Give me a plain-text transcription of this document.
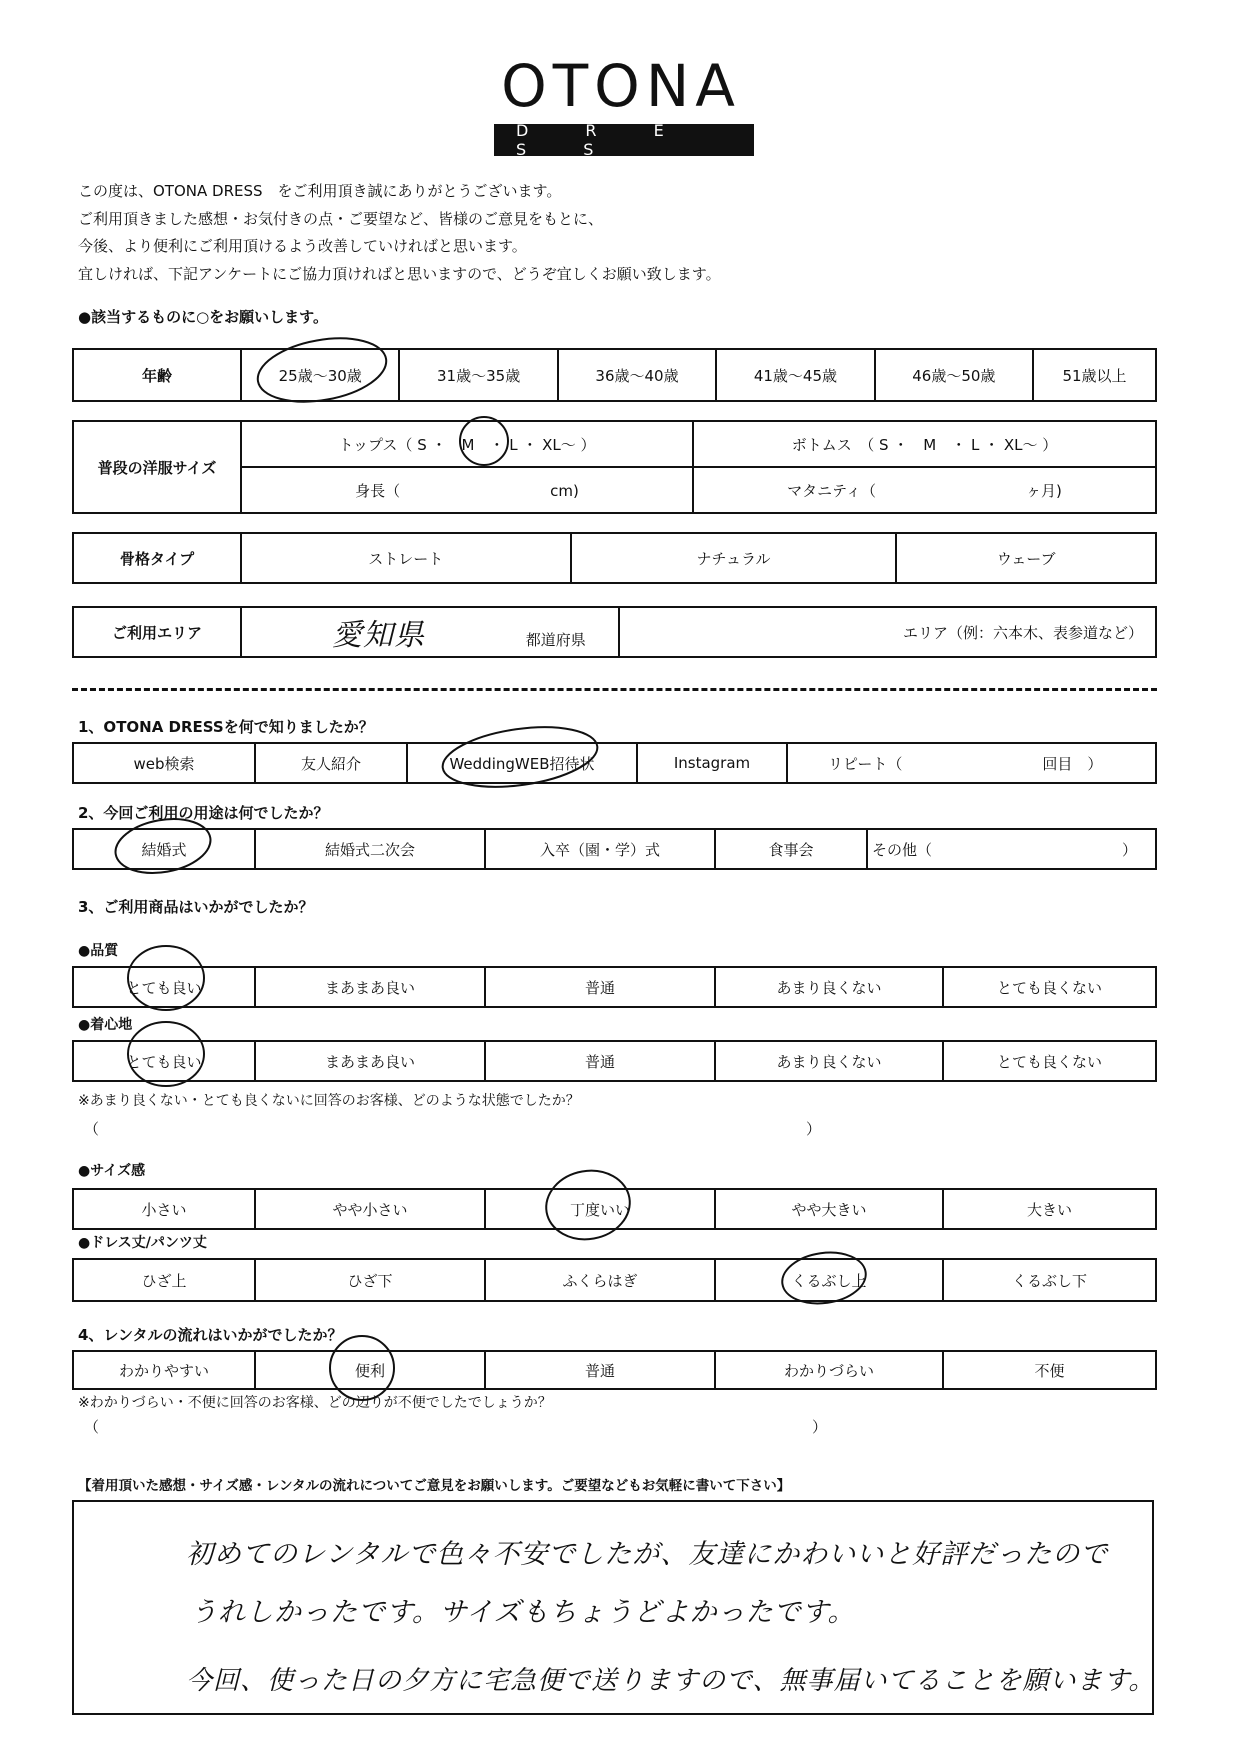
OTONA
D R E S S
この度は、OTONA DRESS　をご利用頂き誠にありがとうございます。
ご利用頂きました感想・お気付きの点・ご要望など、皆様のご意見をもとに、
今後、より便利にご利用頂けるよう改善していければと思います。
宜しければ、下記アンケートにご協力頂ければと思いますので、どうぞ宜しくお願い致します。
●該当するものに○をお願いします。
年齢	25歳〜30歳	31歳〜35歳	36歳〜40歳	41歳〜45歳	46歳〜50歳	51歳以上
普段の洋服サイズ	トップス（ S ・　M　・ L ・ XL〜 ）	ボトムス　（ S ・　M　・ L ・ XL〜 ）
	身長（ cm)	マタニティ（ ヶ月)
骨格タイプ	ストレート	ナチュラル	ウェーブ
ご利用エリア	愛知県	都道府県	エリア（例：六本木、表参道など）
1、OTONA DRESSを何で知りましたか？
web検索	友人紹介	WeddingWEB招待状	Instagram	リピート（	回目　）
2、今回ご利用の用途は何でしたか？
結婚式	結婚式二次会	入卒（園・学）式	食事会	その他（	）
3、ご利用商品はいかがでしたか？
●品質
とても良い	まあまあ良い	普通	あまり良くない	とても良くない
●着心地
とても良い	まあまあ良い	普通	あまり良くない	とても良くない
※あまり良くない・とても良くないに回答のお客様、どのような状態でしたか？
（	）
●サイズ感
小さい	やや小さい	丁度いい	やや大きい	大きい
●ドレス丈/パンツ丈
ひざ上	ひざ下	ふくらはぎ	くるぶし上	くるぶし下
4、レンタルの流れはいかがでしたか？
わかりやすい	便利	普通	わかりづらい	不便
※わかりづらい・不便に回答のお客様、どの辺りが不便でしたでしょうか？
（	）
【着用頂いた感想・サイズ感・レンタルの流れについてご意見をお願いします。ご要望などもお気軽に書いて下さい】
初めてのレンタルで色々不安でしたが、友達にかわいいと好評だったので
うれしかったです。サイズもちょうどよかったです。
今回、使った日の夕方に宅急便で送りますので、無事届いてることを願います。
